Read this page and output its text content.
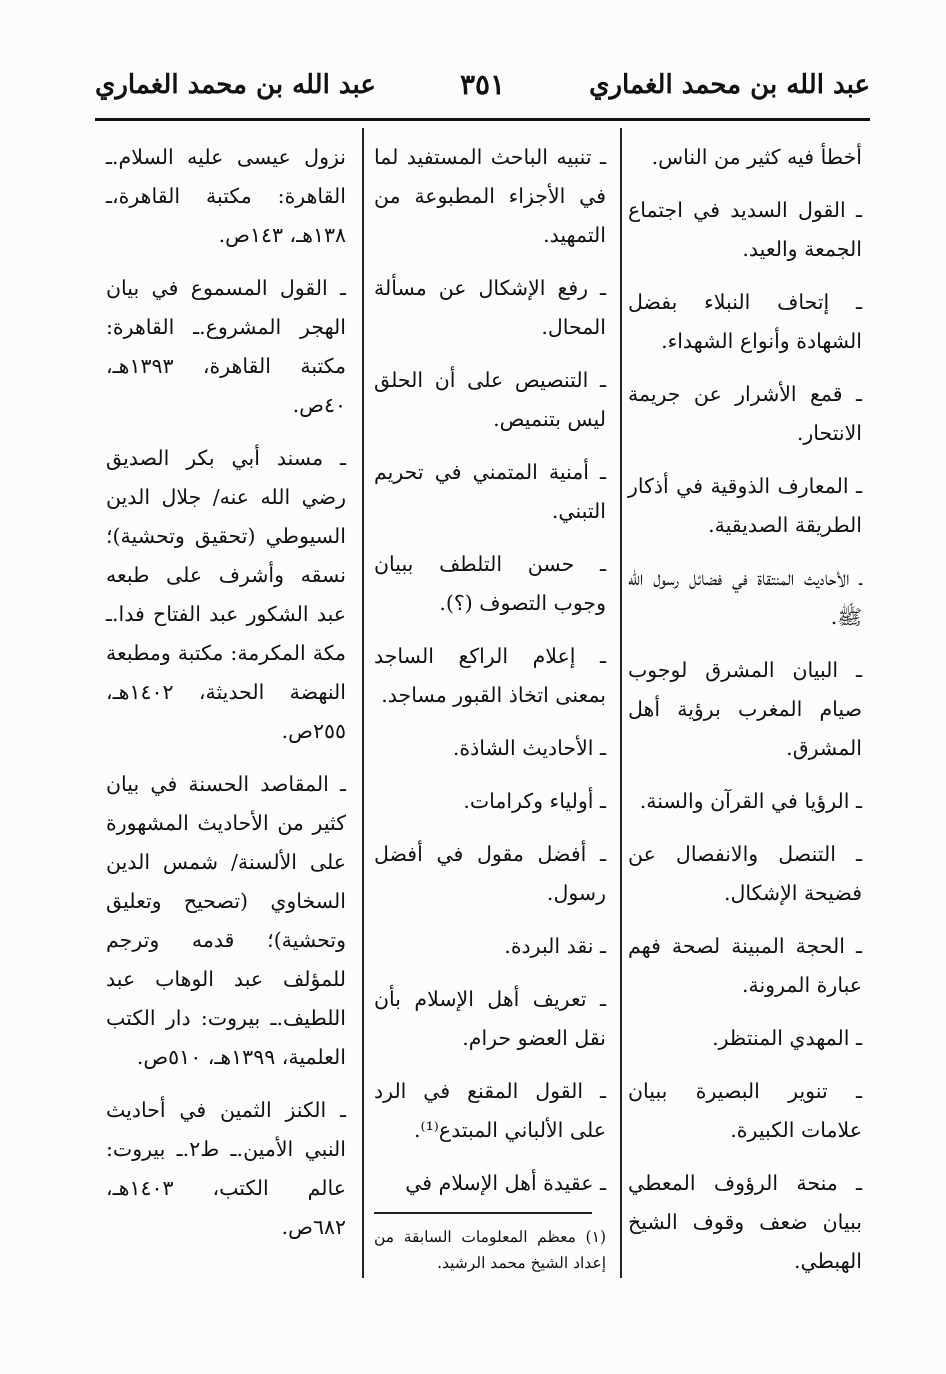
عبد الله بن محمد الغماري
٣٥١
عبد الله بن محمد الغماري
أخطأ فيه كثير من الناس.
ـ القول السديد في اجتماع الجمعة والعيد.
ـ إتحاف النبلاء بفضل الشهادة وأنواع الشهداء.
ـ قمع الأشرار عن جريمة الانتحار.
ـ المعارف الذوقية في أذكار الطريقة الصديقية.
ـ الأحاديث المنتقاة في فضائل رسول الله ﷺ.
ـ البيان المشرق لوجوب صيام المغرب برؤية أهل المشرق.
ـ الرؤيا في القرآن والسنة.
ـ التنصل والانفصال عن فضيحة الإشكال.
ـ الحجة المبينة لصحة فهم عبارة المرونة.
ـ المهدي المنتظر.
ـ تنوير البصيرة ببيان علامات الكبيرة.
ـ منحة الرؤوف المعطي ببيان ضعف وقوف الشيخ الهبطي.
ـ تنبيه الباحث المستفيد لما في الأجزاء المطبوعة من التمهيد.
ـ رفع الإشكال عن مسألة المحال.
ـ التنصيص على أن الحلق ليس بتنميص.
ـ أمنية المتمني في تحريم التبني.
ـ حسن التلطف ببيان وجوب التصوف (؟).
ـ إعلام الراكع الساجد بمعنى اتخاذ القبور مساجد.
ـ الأحاديث الشاذة.
ـ أولياء وكرامات.
ـ أفضل مقول في أفضل رسول.
ـ نقد البردة.
ـ تعريف أهل الإسلام بأن نقل العضو حرام.
ـ القول المقنع في الرد على الألباني المبتدع⁽¹⁾.
ـ عقيدة أهل الإسلام في
(١) معظم المعلومات السابقة من إعداد الشيخ محمد الرشيد.
نزول عيسى عليه السلام.ـ القاهرة: مكتبة القاهرة،ـ ١٣٨هـ، ١٤٣ص.
ـ القول المسموع في بيان الهجر المشروع.ـ القاهرة: مكتبة القاهرة، ١٣٩٣هـ، ٤٠ص.
ـ مسند أبي بكر الصديق رضي الله عنه/ جلال الدين السيوطي (تحقيق وتحشية)؛ نسقه وأشرف على طبعه عبد الشكور عبد الفتاح فدا.ـ مكة المكرمة: مكتبة ومطبعة النهضة الحديثة، ١٤٠٢هـ، ٢٥٥ص.
ـ المقاصد الحسنة في بيان كثير من الأحاديث المشهورة على الألسنة/ شمس الدين السخاوي (تصحيح وتعليق وتحشية)؛ قدمه وترجم للمؤلف عبد الوهاب عبد اللطيف.ـ بيروت: دار الكتب العلمية، ١٣٩٩هـ، ٥١٠ص.
ـ الكنز الثمين في أحاديث النبي الأمين.ـ ط٢.ـ بيروت: عالم الكتب، ١٤٠٣هـ، ٦٨٢ص.
